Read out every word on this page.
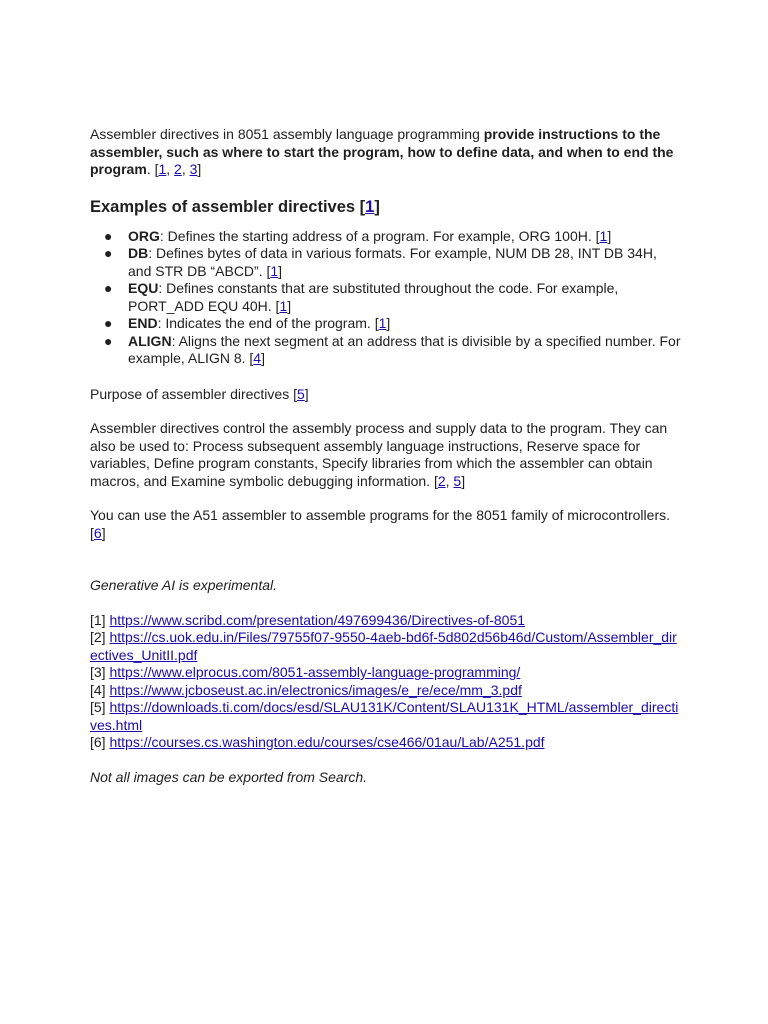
Assembler directives in 8051 assembly language programming provide instructions to the assembler, such as where to start the program, how to define data, and when to end the program. [1, 2, 3]

Examples of assembler directives [1]
● ORG: Defines the starting address of a program. For example, ORG 100H. [1]
● DB: Defines bytes of data in various formats. For example, NUM DB 28, INT DB 34H, and STR DB “ABCD”. [1]
● EQU: Defines constants that are substituted throughout the code. For example, PORT_ADD EQU 40H. [1]
● END: Indicates the end of the program. [1]
● ALIGN: Aligns the next segment at an address that is divisible by a specified number. For example, ALIGN 8. [4]

Purpose of assembler directives [5]

Assembler directives control the assembly process and supply data to the program. They can also be used to: Process subsequent assembly language instructions, Reserve space for variables, Define program constants, Specify libraries from which the assembler can obtain macros, and Examine symbolic debugging information. [2, 5]

You can use the A51 assembler to assemble programs for the 8051 family of microcontrollers. [6]

Generative AI is experimental.

[1] https://www.scribd.com/presentation/497699436/Directives-of-8051
[2] https://cs.uok.edu.in/Files/79755f07-9550-4aeb-bd6f-5d802d56b46d/Custom/Assembler_directives_UnitII.pdf
[3] https://www.elprocus.com/8051-assembly-language-programming/
[4] https://www.jcboseust.ac.in/electronics/images/e_re/ece/mm_3.pdf
[5] https://downloads.ti.com/docs/esd/SLAU131K/Content/SLAU131K_HTML/assembler_directives.html
[6] https://courses.cs.washington.edu/courses/cse466/01au/Lab/A251.pdf

Not all images can be exported from Search.
